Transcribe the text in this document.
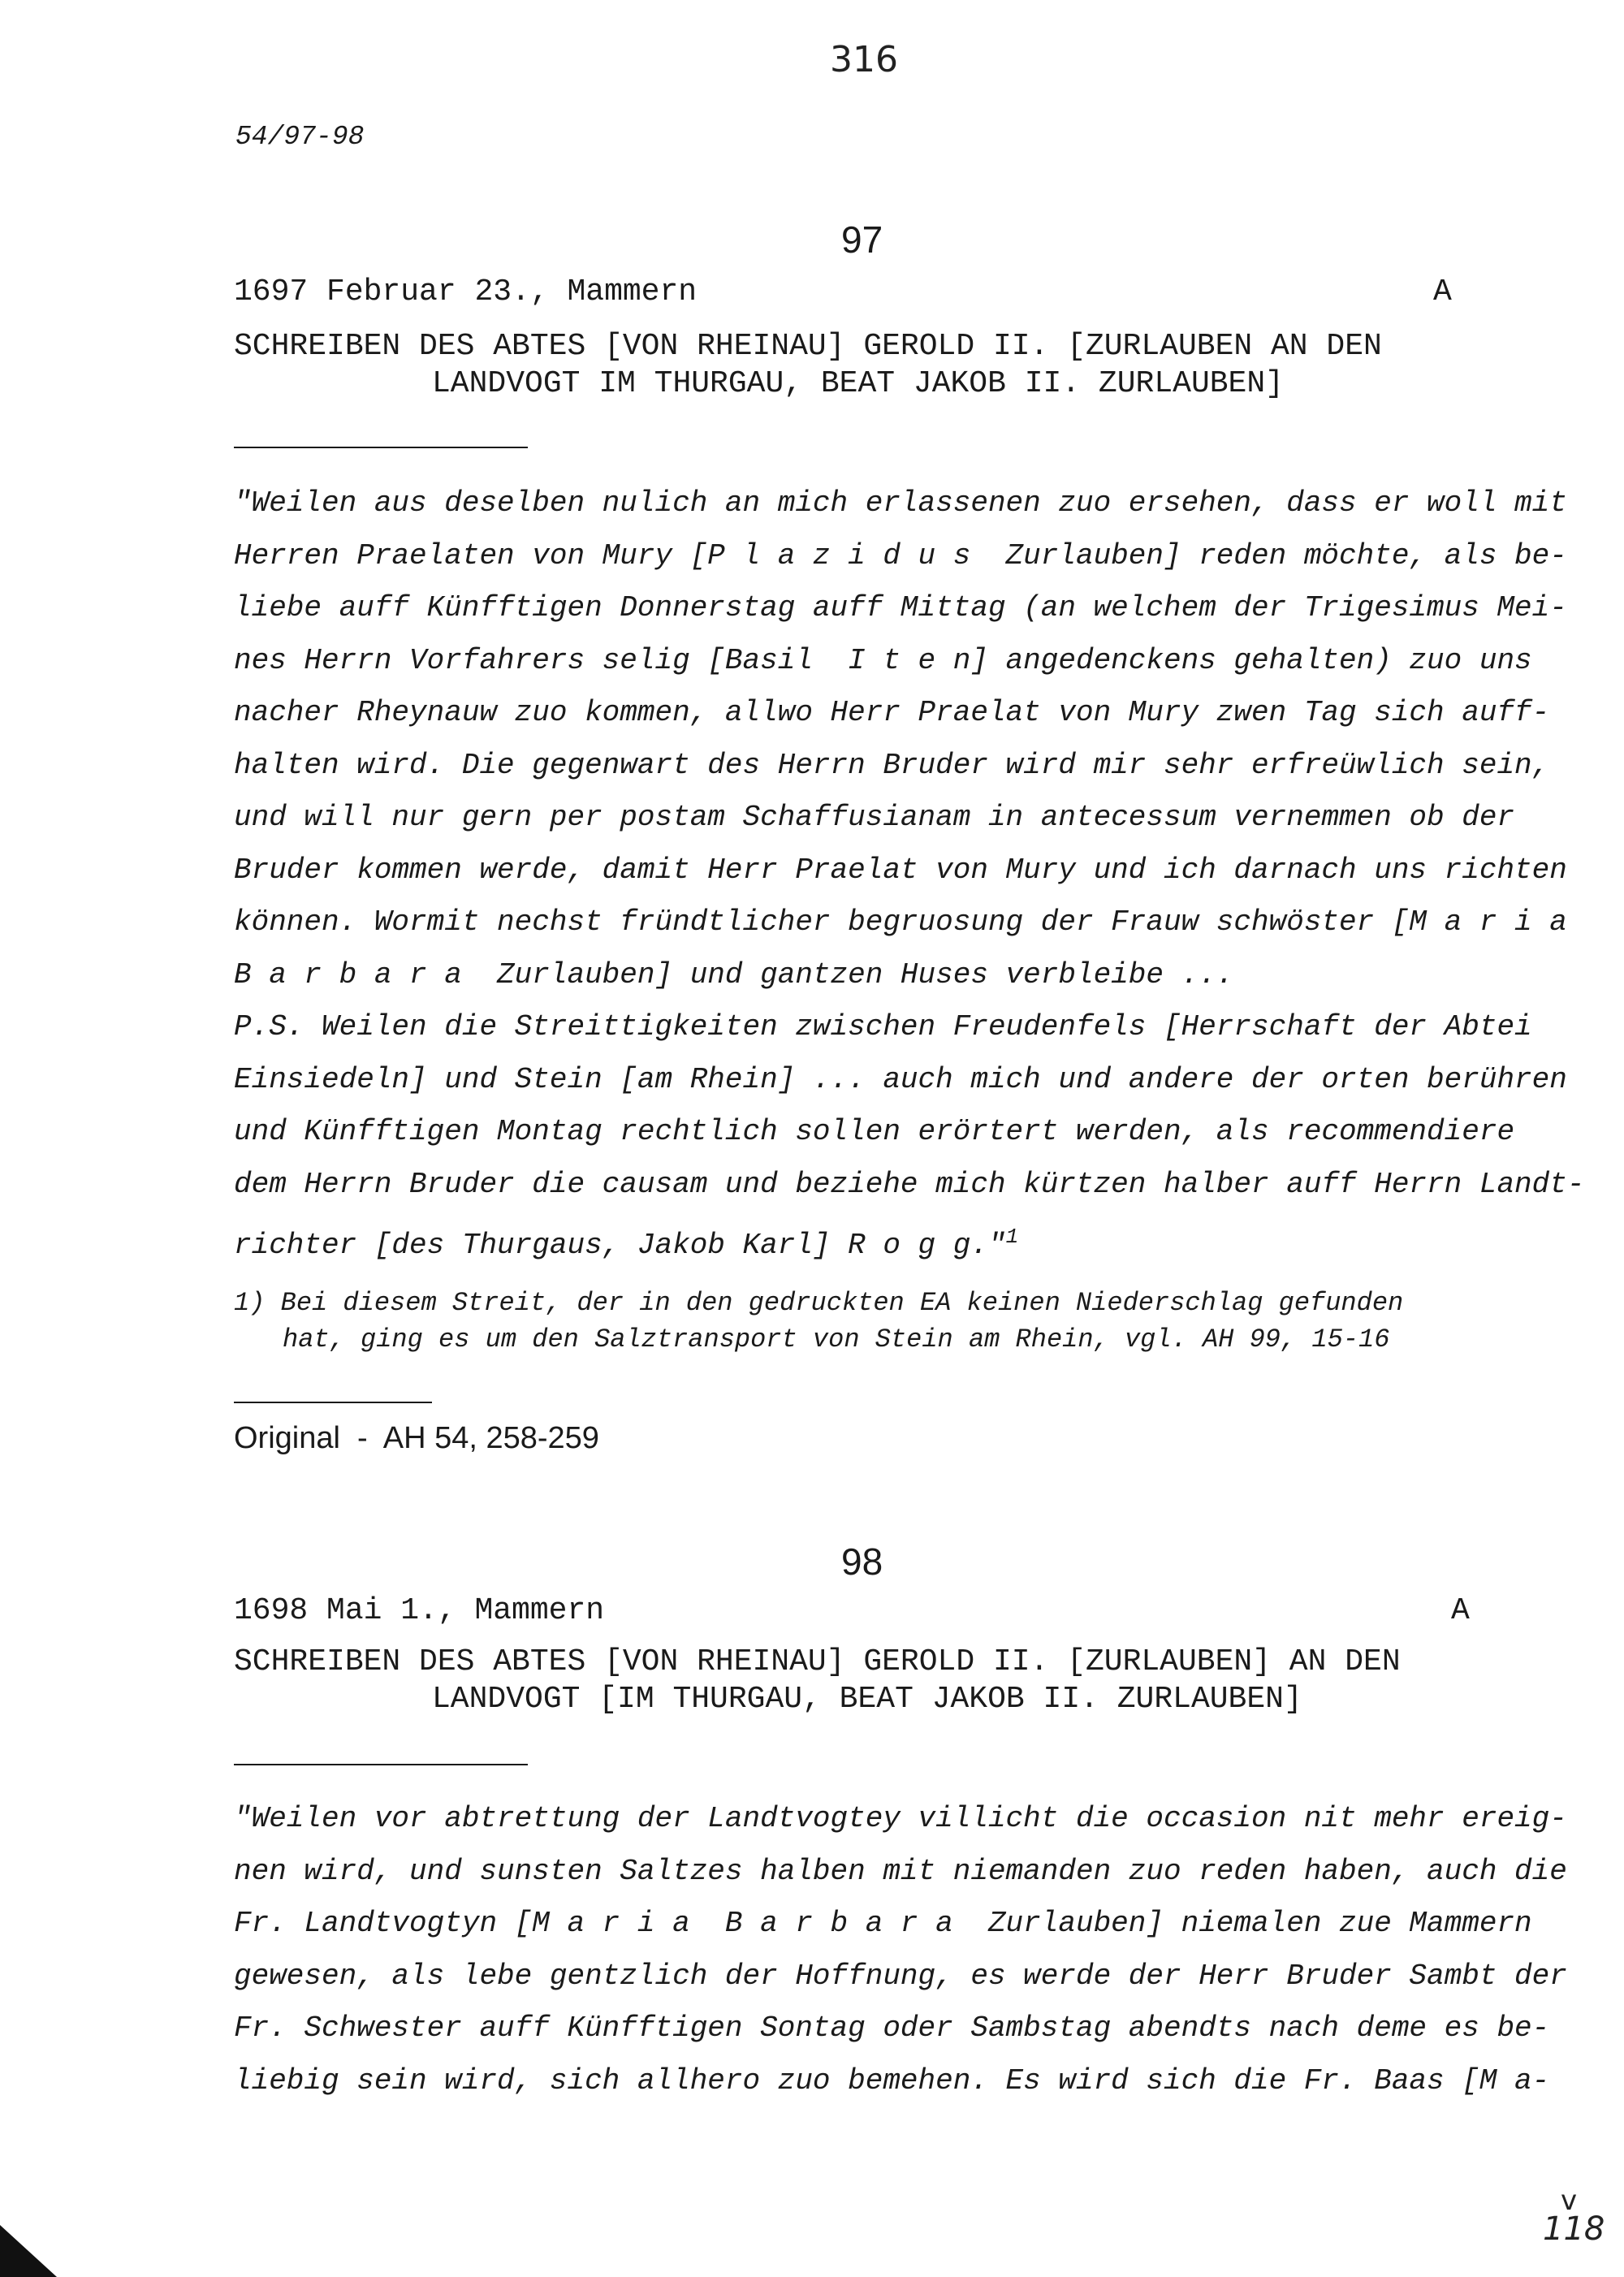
316
54/97-98
97
1697 Februar 23., Mammern	A
SCHREIBEN DES ABTES [VON RHEINAU] GEROLD II. [ZURLAUBEN AN DEN
LANDVOGT IM THURGAU, BEAT JAKOB II. ZURLAUBEN]
"Weilen aus deselben nulich an mich erlassenen zuo ersehen, dass er woll mit
Herren Praelaten von Mury [P l a z i d u s  Zurlauben] reden möchte, als be-
liebe auff Künfftigen Donnerstag auff Mittag (an welchem der Trigesimus Mei-
nes Herrn Vorfahrers selig [Basil  I t e n] angedenckens gehalten) zuo uns
nacher Rheynauw zuo kommen, allwo Herr Praelat von Mury zwen Tag sich auff-
halten wird. Die gegenwart des Herrn Bruder wird mir sehr erfreüwlich sein,
und will nur gern per postam Schaffusianam in antecessum vernemmen ob der
Bruder kommen werde, damit Herr Praelat von Mury und ich darnach uns richten
können. Wormit nechst fründtlicher begruosung der Frauw schwöster [M a r i a
B a r b a r a  Zurlauben] und gantzen Huses verbleibe ...
P.S. Weilen die Streittigkeiten zwischen Freudenfels [Herrschaft der Abtei
Einsiedeln] und Stein [am Rhein] ... auch mich und andere der orten berühren
und Künfftigen Montag rechtlich sollen erörtert werden, als recommendiere
dem Herrn Bruder die causam und beziehe mich kürtzen halber auff Herrn Landt-
richter [des Thurgaus, Jakob Karl] R o g g."$^1$
1) Bei diesem Streit, der in den gedruckten EA keinen Niederschlag gefunden
hat, ging es um den Salztransport von Stein am Rhein, vgl. AH 99, 15-16
Original  -  AH 54, 258-259
98
1698 Mai 1., Mammern	A
SCHREIBEN DES ABTES [VON RHEINAU] GEROLD II. [ZURLAUBEN] AN DEN
LANDVOGT [IM THURGAU, BEAT JAKOB II. ZURLAUBEN]
"Weilen vor abtrettung der Landtvogtey villicht die occasion nit mehr ereig-
nen wird, und sunsten Saltzes halben mit niemanden zuo reden haben, auch die
Fr. Landtvogtyn [M a r i a  B a r b a r a  Zurlauben] niemalen zue Mammern
gewesen, als lebe gentzlich der Hoffnung, es werde der Herr Bruder Sambt der
Fr. Schwester auff Künfftigen Sontag oder Sambstag abendts nach deme es be-
liebig sein wird, sich allhero zuo bemehen. Es wird sich die Fr. Baas [M a-
v
118
